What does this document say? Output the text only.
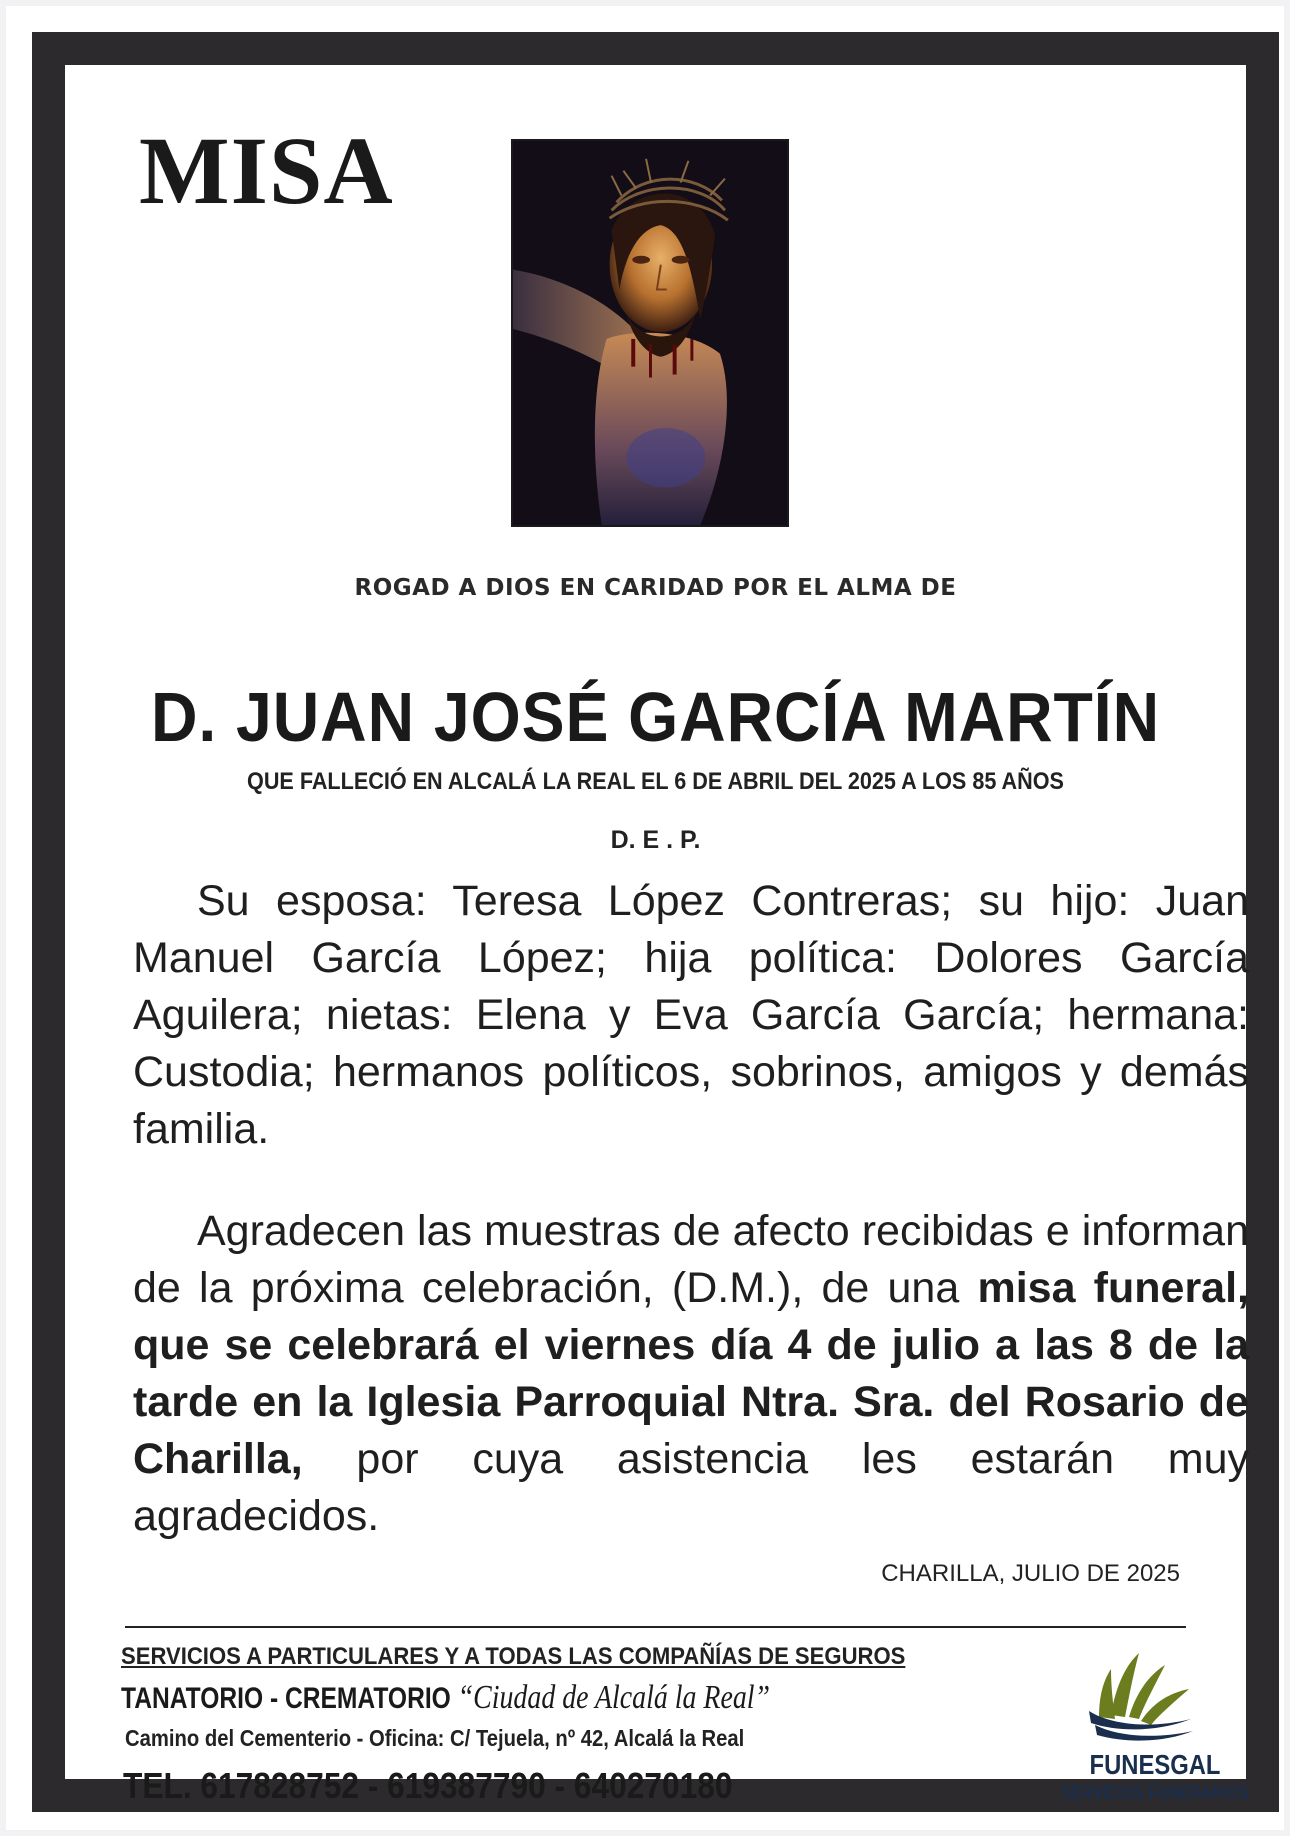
MISA
ROGAD A DIOS EN CARIDAD POR EL ALMA DE
D. JUAN JOSÉ GARCÍA MARTÍN
QUE FALLECIÓ EN ALCALÁ LA REAL EL 6 DE ABRIL DEL 2025 A LOS 85 AÑOS
D. E . P.
Su esposa: Teresa López Contreras; su hijo: Juan Manuel García López; hija política: Dolores García Aguilera; nietas: Elena y Eva García García; hermana: Custodia; hermanos políticos, sobrinos, amigos y demás familia.
Agradecen las muestras de afecto recibidas e informan de la próxima celebración, (D.M.), de una misa funeral, que se celebrará el viernes día 4 de julio a las 8 de la tarde en la Iglesia Parroquial Ntra. Sra. del Rosario de Charilla, por cuya asistencia les estarán muy agradecidos.
CHARILLA, JULIO DE 2025
SERVICIOS A PARTICULARES Y A TODAS LAS COMPAÑÍAS DE SEGUROS
TANATORIO - CREMATORIO “Ciudad de Alcalá la Real”
Camino del Cementerio - Oficina: C/ Tejuela, nº 42, Alcalá la Real
TEL. 617828752 - 619387790 - 640270180
FUNESGAL
SERVICIOS FUNERARIOS
